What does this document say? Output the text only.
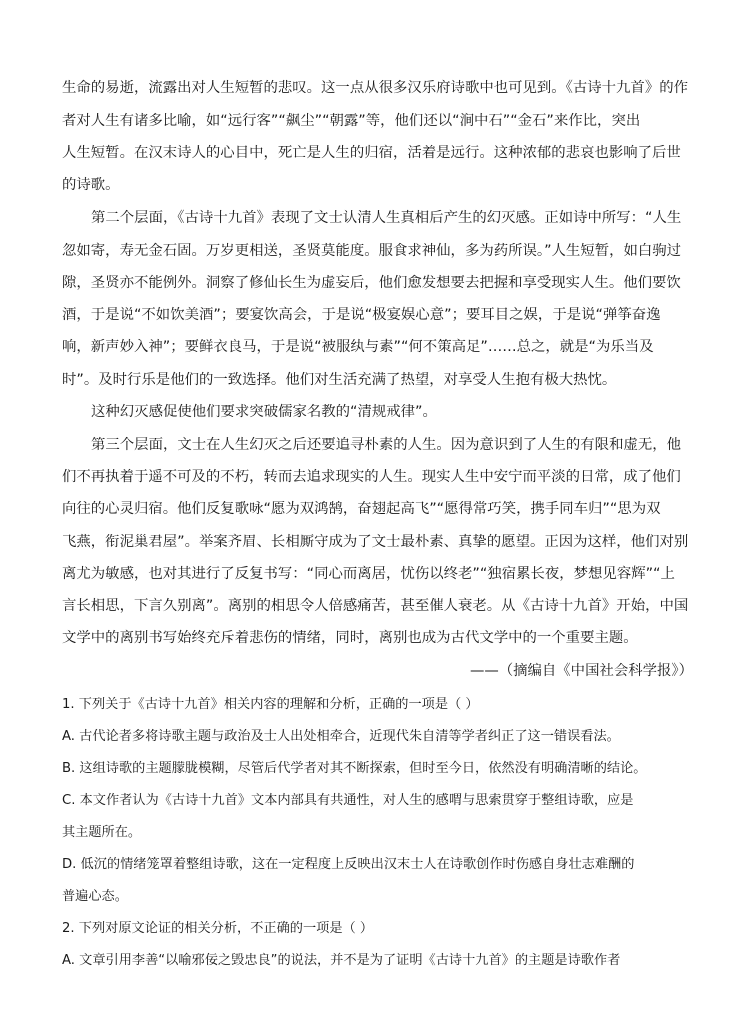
生命的易逝，流露出对人生短暂的悲叹。这一点从很多汉乐府诗歌中也可见到。《古诗十九首》的作
者对人生有诸多比喻，如“远行客”“飙尘”“朝露”等，他们还以“涧中石”“金石”来作比，突出
人生短暂。在汉末诗人的心目中，死亡是人生的归宿，活着是远行。这种浓郁的悲哀也影响了后世
的诗歌。
第二个层面，《古诗十九首》表现了文士认清人生真相后产生的幻灭感。正如诗中所写：“人生
忽如寄，寿无金石固。万岁更相送，圣贤莫能度。服食求神仙，多为药所误。”人生短暂，如白驹过
隙，圣贤亦不能例外。洞察了修仙长生为虚妄后，他们愈发想要去把握和享受现实人生。他们要饮
酒，于是说“不如饮美酒”；要宴饮高会，于是说“极宴娱心意”；要耳目之娱，于是说“弹筝奋逸
响，新声妙入神”；要鲜衣良马，于是说“被服纨与素”“何不策高足”……总之，就是“为乐当及
时”。及时行乐是他们的一致选择。他们对生活充满了热望，对享受人生抱有极大热忱。
这种幻灭感促使他们要求突破儒家名教的“清规戒律”。
第三个层面，文士在人生幻灭之后还要追寻朴素的人生。因为意识到了人生的有限和虚无，他
们不再执着于遥不可及的不朽，转而去追求现实的人生。现实人生中安宁而平淡的日常，成了他们
向往的心灵归宿。他们反复歌咏“愿为双鸿鹄，奋翅起高飞”“愿得常巧笑，携手同车归”“思为双
飞燕，衔泥巢君屋”。举案齐眉、长相厮守成为了文士最朴素、真挚的愿望。正因为这样，他们对别
离尤为敏感，也对其进行了反复书写：“同心而离居，忧伤以终老”“独宿累长夜，梦想见容辉”“上
言长相思，下言久别离”。离别的相思令人倍感痛苦，甚至催人衰老。从《古诗十九首》开始，中国
文学中的离别书写始终充斥着悲伤的情绪，同时，离别也成为古代文学中的一个重要主题。
——（摘编自《中国社会科学报》）
1. 下列关于《古诗十九首》相关内容的理解和分析，正确的一项是（ ）
A. 古代论者多将诗歌主题与政治及士人出处相牵合，近现代朱自清等学者纠正了这一错误看法。
B. 这组诗歌的主题朦胧模糊，尽管后代学者对其不断探索，但时至今日，依然没有明确清晰的结论。
C. 本文作者认为《古诗十九首》文本内部具有共通性，对人生的感喟与思索贯穿于整组诗歌，应是
其主题所在。
D. 低沉的情绪笼罩着整组诗歌，这在一定程度上反映出汉末士人在诗歌创作时伤感自身壮志难酬的
普遍心态。
2. 下列对原文论证的相关分析，不正确的一项是（ ）
A. 文章引用李善“以喻邪佞之毁忠良”的说法，并不是为了证明《古诗十九首》的主题是诗歌作者
